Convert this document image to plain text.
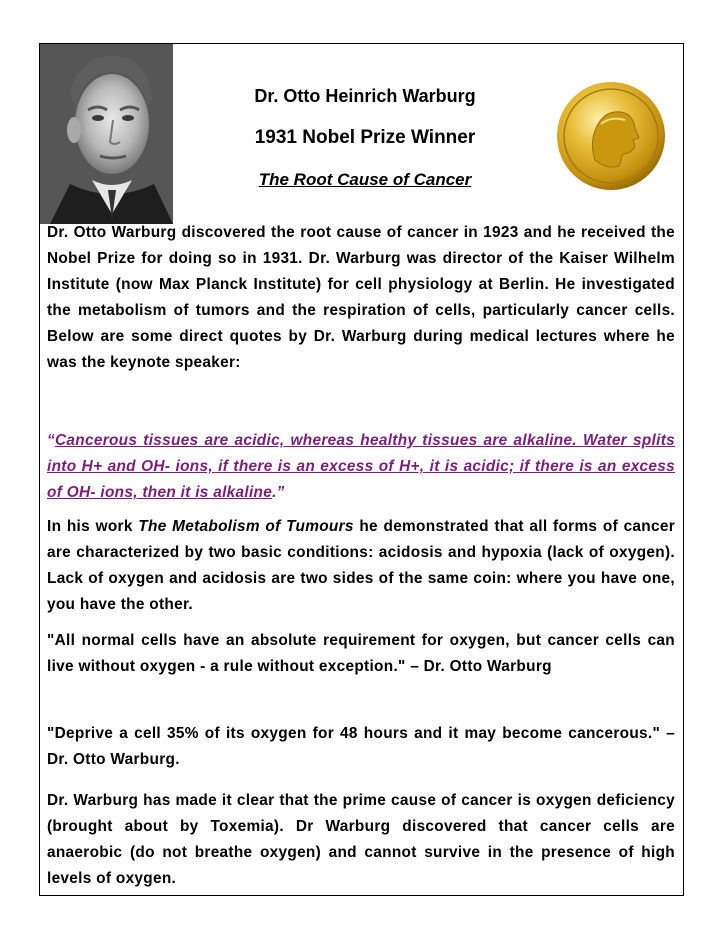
Dr. Otto Heinrich Warburg
1931 Nobel Prize Winner
The Root Cause of Cancer
Dr. Otto Warburg discovered the root cause of cancer in 1923 and he received the Nobel Prize for doing so in 1931. Dr. Warburg was director of the Kaiser Wilhelm Institute (now Max Planck Institute) for cell physiology at Berlin. He investigated the metabolism of tumors and the respiration of cells, particularly cancer cells. Below are some direct quotes by Dr. Warburg during medical lectures where he was the keynote speaker:
“Cancerous tissues are acidic, whereas healthy tissues are alkaline. Water splits into H+ and OH- ions, if there is an excess of H+, it is acidic; if there is an excess of OH- ions, then it is alkaline.”
In his work The Metabolism of Tumours he demonstrated that all forms of cancer are characterized by two basic conditions: acidosis and hypoxia (lack of oxygen). Lack of oxygen and acidosis are two sides of the same coin: where you have one, you have the other.
"All normal cells have an absolute requirement for oxygen, but cancer cells can live without oxygen - a rule without exception." – Dr. Otto Warburg
"Deprive a cell 35% of its oxygen for 48 hours and it may become cancerous." – Dr. Otto Warburg.
Dr. Warburg has made it clear that the prime cause of cancer is oxygen deficiency (brought about by Toxemia). Dr Warburg discovered that cancer cells are anaerobic (do not breathe oxygen) and cannot survive in the presence of high levels of oxygen.
